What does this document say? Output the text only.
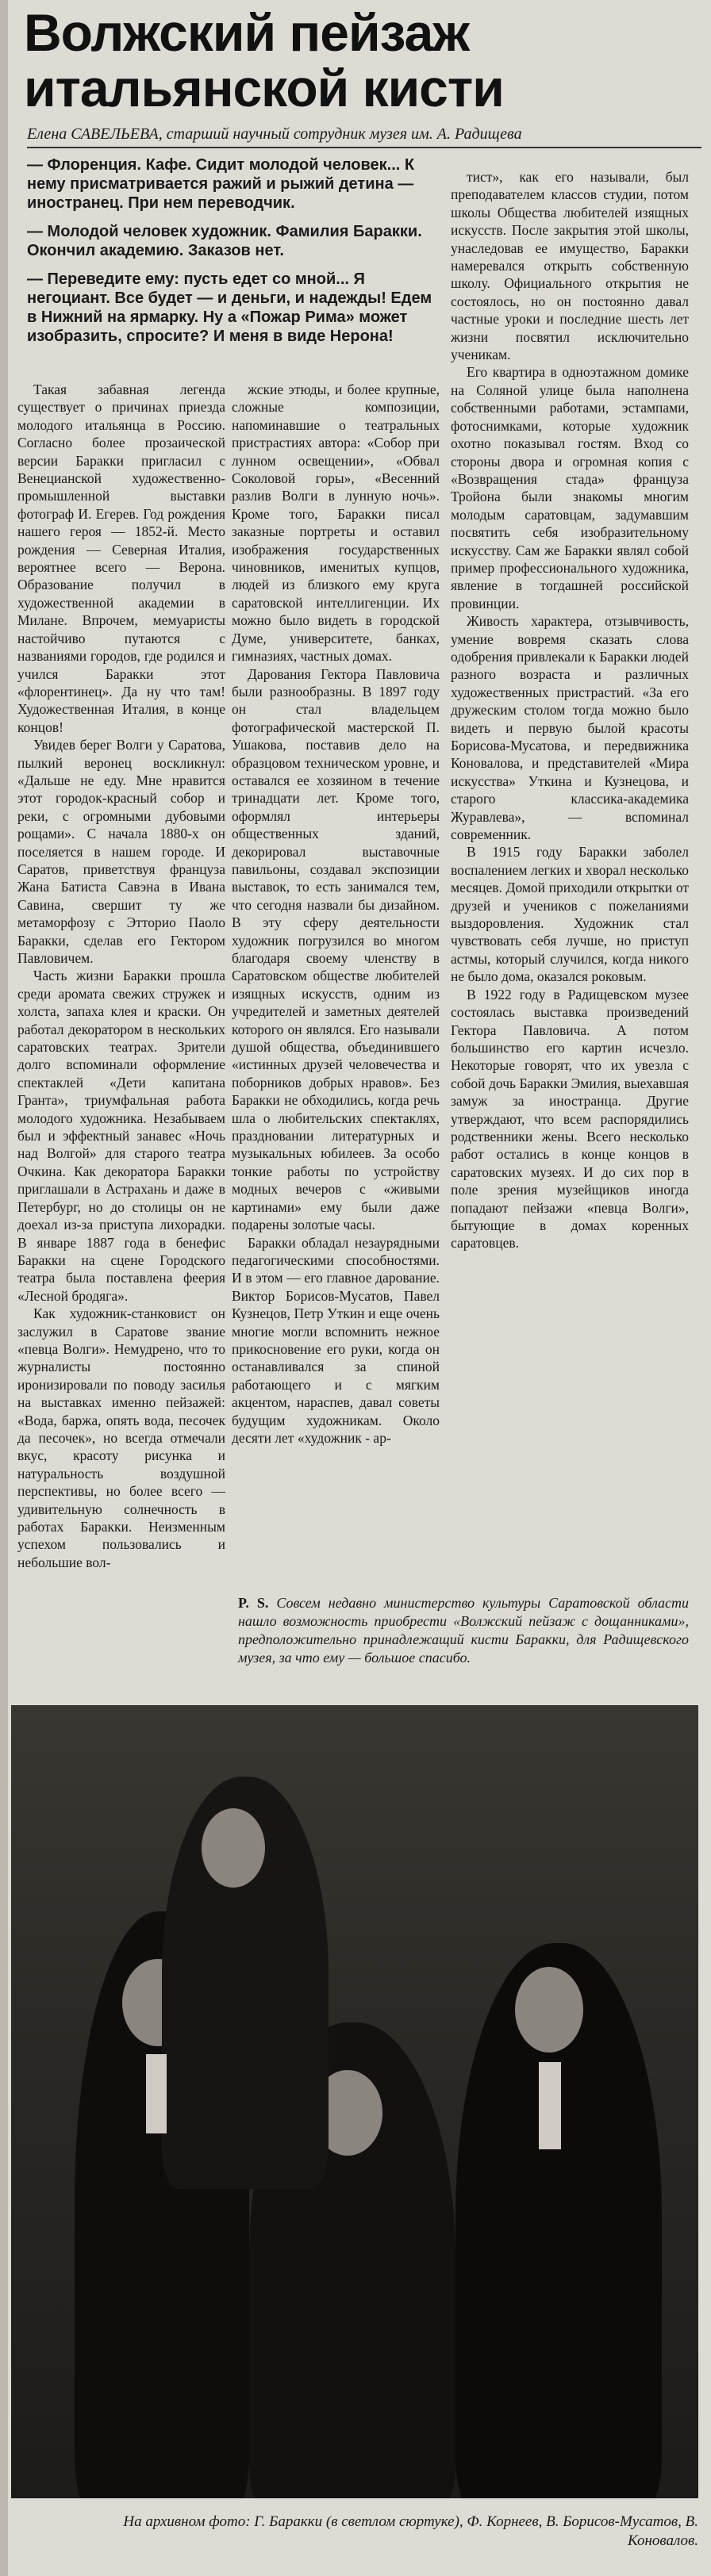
Волжский пейзаж
итальянской кисти
Елена САВЕЛЬЕВА, старший научный сотрудник музея им. А. Радищева

— Флоренция. Кафе. Сидит молодой человек... К нему присматривается ражий и рыжий детина — иностранец. При нем переводчик.

— Молодой человек художник. Фамилия Баракки. Окончил академию. Заказов нет.

— Переведите ему: пусть едет со мной... Я негоциант. Все будет — и деньги, и надежды! Едем в Нижний на ярмарку. Ну а «Пожар Рима» может изобразить, спросите? И меня в виде Нерона!

Такая забавная легенда существует о причинах приезда молодого итальянца в Россию. Согласно более прозаической версии Баракки пригласил с Венецианской художественно-промышленной выставки фотограф И. Егерев. Год рождения нашего героя — 1852-й. Место рождения — Северная Италия, вероятнее всего — Верона. Образование получил в художественной академии в Милане. Впрочем, мемуаристы настойчиво путаются с названиями городов, где родился и учился Баракки этот «флорентинец». Да ну что там! Художественная Италия, в конце концов!

Увидев берег Волги у Саратова, пылкий веронец воскликнул: «Дальше не еду. Мне нравится этот городок-красный собор и реки, с огромными дубовыми рощами». С начала 1880-х он поселяется в нашем городе. И Саратов, приветствуя француза Жана Батиста Савэна в Ивана Савина, свершит ту же метаморфозу с Этторио Паоло Баракки, сделав его Гектором Павловичем.

Часть жизни Баракки прошла среди аромата свежих стружек и холста, запаха клея и краски. Он работал декоратором в нескольких саратовских театрах. Зрители долго вспоминали оформление спектаклей «Дети капитана Гранта», триумфальная работа молодого художника. Незабываем был и эффектный занавес «Ночь над Волгой» для старого театра Очкина. Как декоратора Баракки приглашали в Астрахань и даже в Петербург, но до столицы он не доехал из-за приступа лихорадки. В январе 1887 года в бенефис Баракки на сцене Городского театра была поставлена феерия «Лесной бродяга».

Как художник-станковист он заслужил в Саратове звание «певца Волги». Немудрено, что то журналисты постоянно иронизировали по поводу засилья на выставках именно пейзажей: «Вода, баржа, опять вода, песочек да песочек», но всегда отмечали вкус, красоту рисунка и натуральность воздушной перспективы, но более всего — удивительную солнечность в работах Баракки. Неизменным успехом пользовались и небольшие вол-

жские этюды, и более крупные, сложные композиции, напоминавшие о театральных пристрастиях автора: «Собор при лунном освещении», «Обвал Соколовой горы», «Весенний разлив Волги в лунную ночь». Кроме того, Баракки писал заказные портреты и оставил изображения государственных чиновников, именитых купцов, людей из близкого ему круга саратовской интеллигенции. Их можно было видеть в городской Думе, университете, банках, гимназиях, частных домах.

Дарования Гектора Павловича были разнообразны. В 1897 году он стал владельцем фотографической мастерской П. Ушакова, поставив дело на образцовом техническом уровне, и оставался ее хозяином в течение тринадцати лет. Кроме того, оформлял интерьеры общественных зданий, декорировал выставочные павильоны, создавал экспозиции выставок, то есть занимался тем, что сегодня назвали бы дизайном. В эту сферу деятельности художник погрузился во многом благодаря своему членству в Саратовском обществе любителей изящных искусств, одним из учредителей и заметных деятелей которого он являлся. Его называли душой общества, объединившего «истинных друзей человечества и поборников добрых нравов». Без Баракки не обходились, когда речь шла о любительских спектаклях, праздновании литературных и музыкальных юбилеев. За особо тонкие работы по устройству модных вечеров с «живыми картинами» ему были даже подарены золотые часы.

Баракки обладал незаурядными педагогическими способностями. И в этом — его главное дарование. Виктор Борисов-Мусатов, Павел Кузнецов, Петр Уткин и еще очень многие могли вспомнить нежное прикосновение его руки, когда он останавливался за спиной работающего и с мягким акцентом, нараспев, давал советы будущим художникам. Около десяти лет «художник - ар-

тист», как его называли, был преподавателем классов студии, потом школы Общества любителей изящных искусств. После закрытия этой школы, унаследовав ее имущество, Баракки намеревался открыть собственную школу. Официального открытия не состоялось, но он постоянно давал частные уроки и последние шесть лет жизни посвятил исключительно ученикам.

Его квартира в одноэтажном домике на Соляной улице была наполнена собственными работами, эстампами, фотоснимками, которые художник охотно показывал гостям. Вход со стороны двора и огромная копия с «Возвращения стада» француза Тройона были знакомы многим молодым саратовцам, задумавшим посвятить себя изобразительному искусству. Сам же Баракки являл собой пример профессионального художника, явление в тогдашней российской провинции.

Живость характера, отзывчивость, умение вовремя сказать слова одобрения привлекали к Баракки людей разного возраста и различных художественных пристрастий. «За его дружеским столом тогда можно было видеть и первую былой красоты Борисова-Мусатова, и передвижника Коновалова, и представителей «Мира искусства» Уткина и Кузнецова, и старого классика-академика Журавлева», — вспоминал современник.

В 1915 году Баракки заболел воспалением легких и хворал несколько месяцев. Домой приходили открытки от друзей и учеников с пожеланиями выздоровления. Художник стал чувствовать себя лучше, но приступ астмы, который случился, когда никого не было дома, оказался роковым.

В 1922 году в Радищевском музее состоялась выставка произведений Гектора Павловича. А потом большинство его картин исчезло. Некоторые говорят, что их увезла с собой дочь Баракки Эмилия, выехавшая замуж за иностранца. Другие утверждают, что всем распорядились родственники жены. Всего несколько работ остались в конце концов в саратовских музеях. И до сих пор в поле зрения музейщиков иногда попадают пейзажи «певца Волги», бытующие в домах коренных саратовцев.

P. S. Совсем недавно министерство культуры Саратовской области нашло возможность приобрести «Волжский пейзаж с дощанниками», предположительно принадлежащий кисти Баракки, для Радищевского музея, за что ему — большое спасибо.
На архивном фото: Г. Баракки (в светлом сюртуке), Ф. Корнеев, В. Борисов-Мусатов, В. Коновалов.
